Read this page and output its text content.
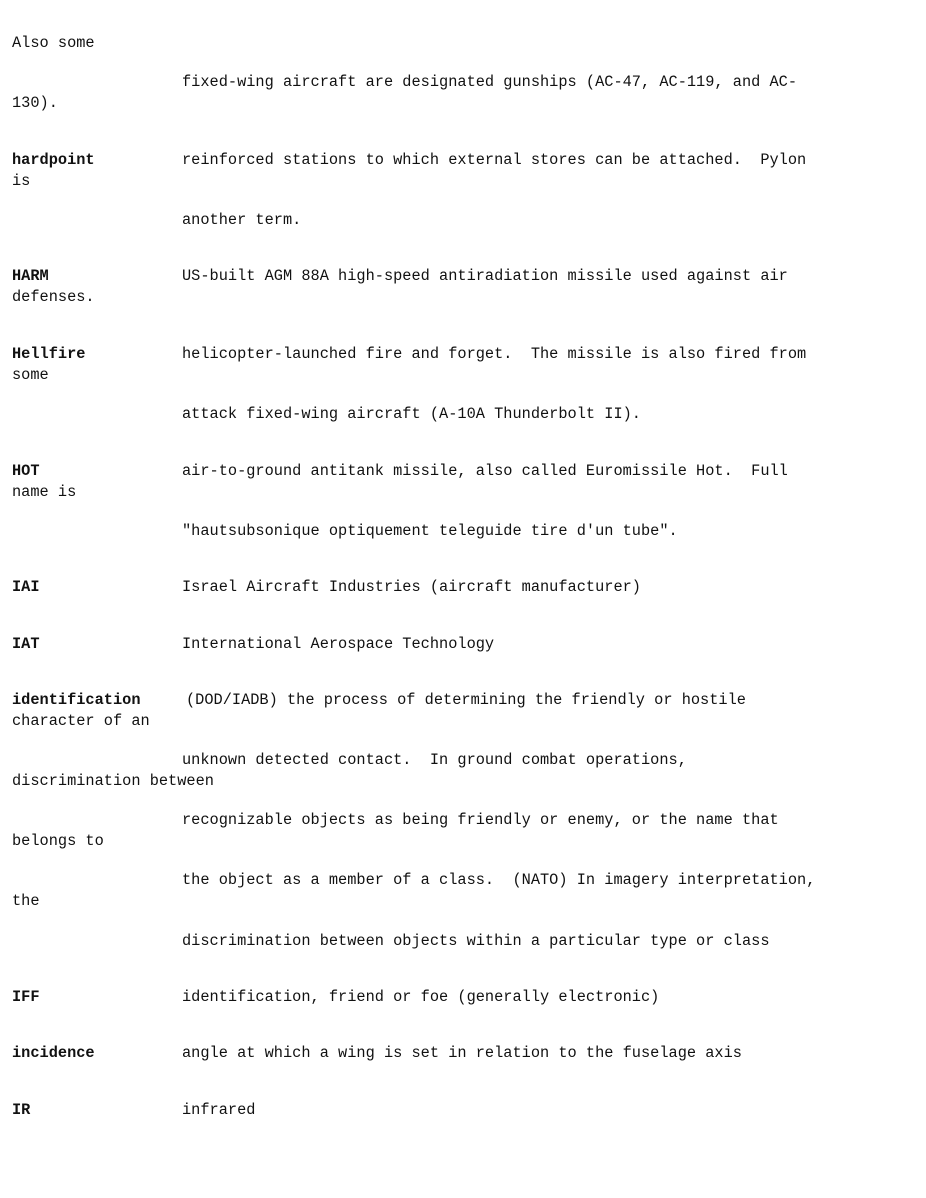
Also some

fixed-wing aircraft are designated gunships (AC-47, AC-119, and AC-

130).

hardpoint	reinforced stations to which external stores can be attached.  Pylon

is

another term.

HARM	US-built AGM 88A high-speed antiradiation missile used against air

defenses.

Hellfire	helicopter-launched fire and forget.  The missile is also fired from

some

attack fixed-wing aircraft (A-10A Thunderbolt II).

HOT	air-to-ground antitank missile, also called Euromissile Hot.  Full

name is

"hautsubsonique optiquement teleguide tire d'un tube".

IAI	Israel Aircraft Industries (aircraft manufacturer)

IAT	International Aerospace Technology

identification	(DOD/IADB) the process of determining the friendly or hostile

character of an

unknown detected contact.  In ground combat operations,

discrimination between

recognizable objects as being friendly or enemy, or the name that

belongs to

the object as a member of a class.  (NATO) In imagery interpretation,

the

discrimination between objects within a particular type or class

IFF	identification, friend or foe (generally electronic)

incidence	angle at which a wing is set in relation to the fuselage axis

IR	infrared
